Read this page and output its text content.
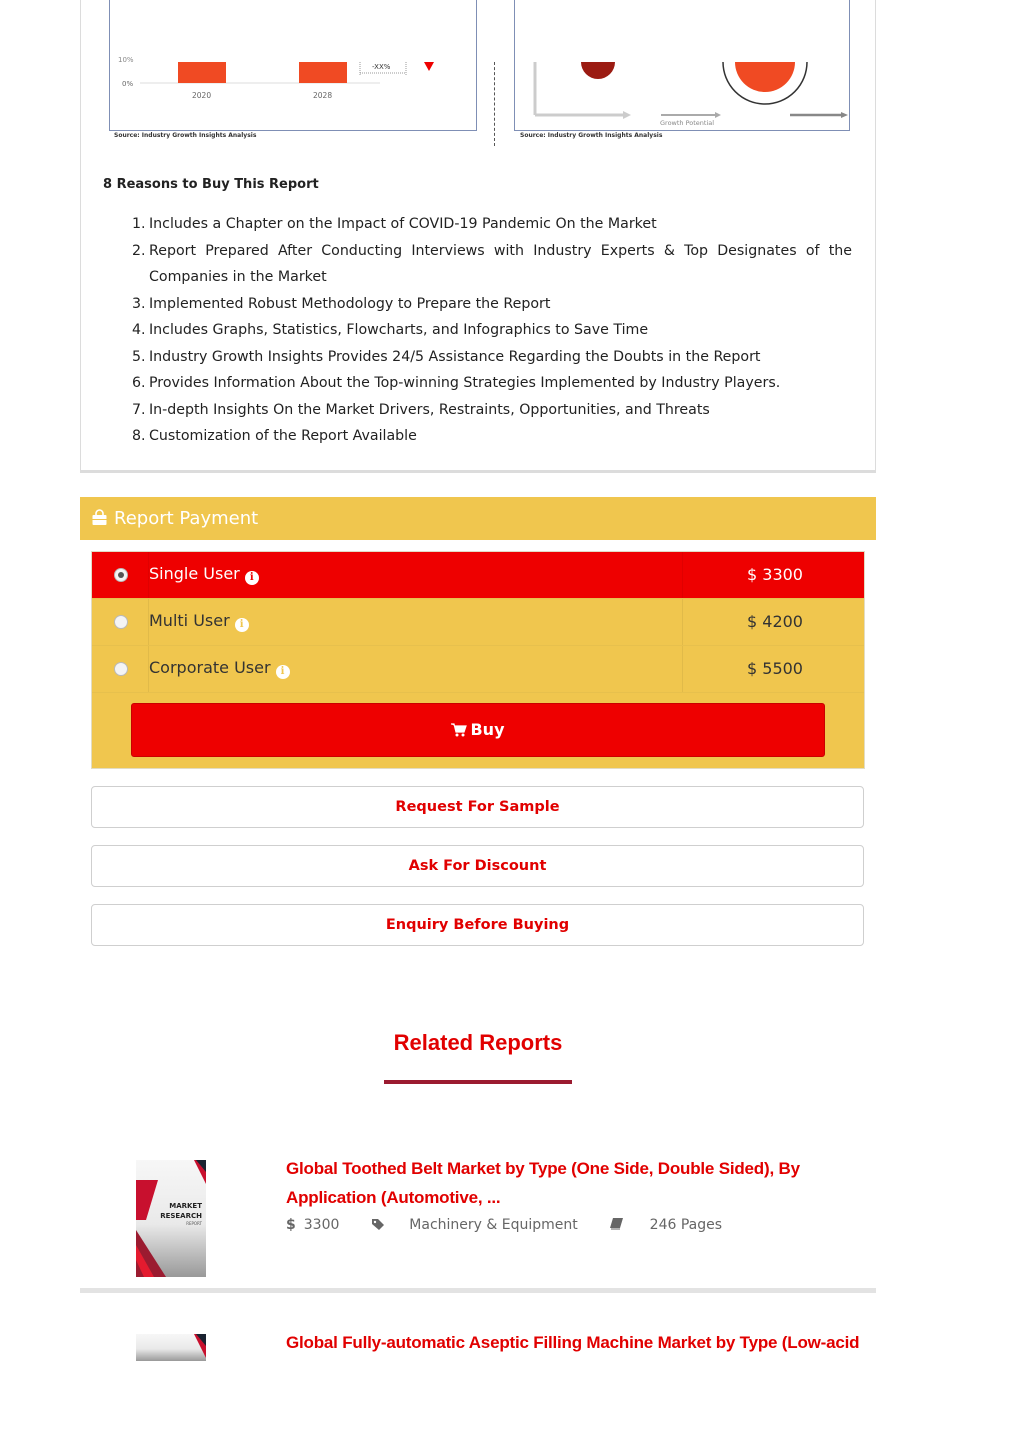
10%
0%
2020	2028
-XX%
Source: Industry Growth Insights Analysis
Growth Potential
Source: Industry Growth Insights Analysis
8 Reasons to Buy This Report
1. Includes a Chapter on the Impact of COVID-19 Pandemic On the Market
2. Report Prepared After Conducting Interviews with Industry Experts & Top Designates of the
Companies in the Market
3. Implemented Robust Methodology to Prepare the Report
4. Includes Graphs, Statistics, Flowcharts, and Infographics to Save Time
5. Industry Growth Insights Provides 24/5 Assistance Regarding the Doubts in the Report
6. Provides Information About the Top-winning Strategies Implemented by Industry Players.
7. In-depth Insights On the Market Drivers, Restraints, Opportunities, and Threats
8. Customization of the Report Available
Report Payment
Single User i	$ 3300
Multi User i	$ 4200
Corporate User i	$ 5500
Buy
Request For Sample
Ask For Discount
Enquiry Before Buying
Related Reports
MARKET
RESEARCH
REPORT
Global Toothed Belt Market by Type (One Side, Double Sided), By
Application (Automotive, ...
$ 3300	Machinery & Equipment	246 Pages
Global Fully-automatic Aseptic Filling Machine Market by Type (Low-acid
